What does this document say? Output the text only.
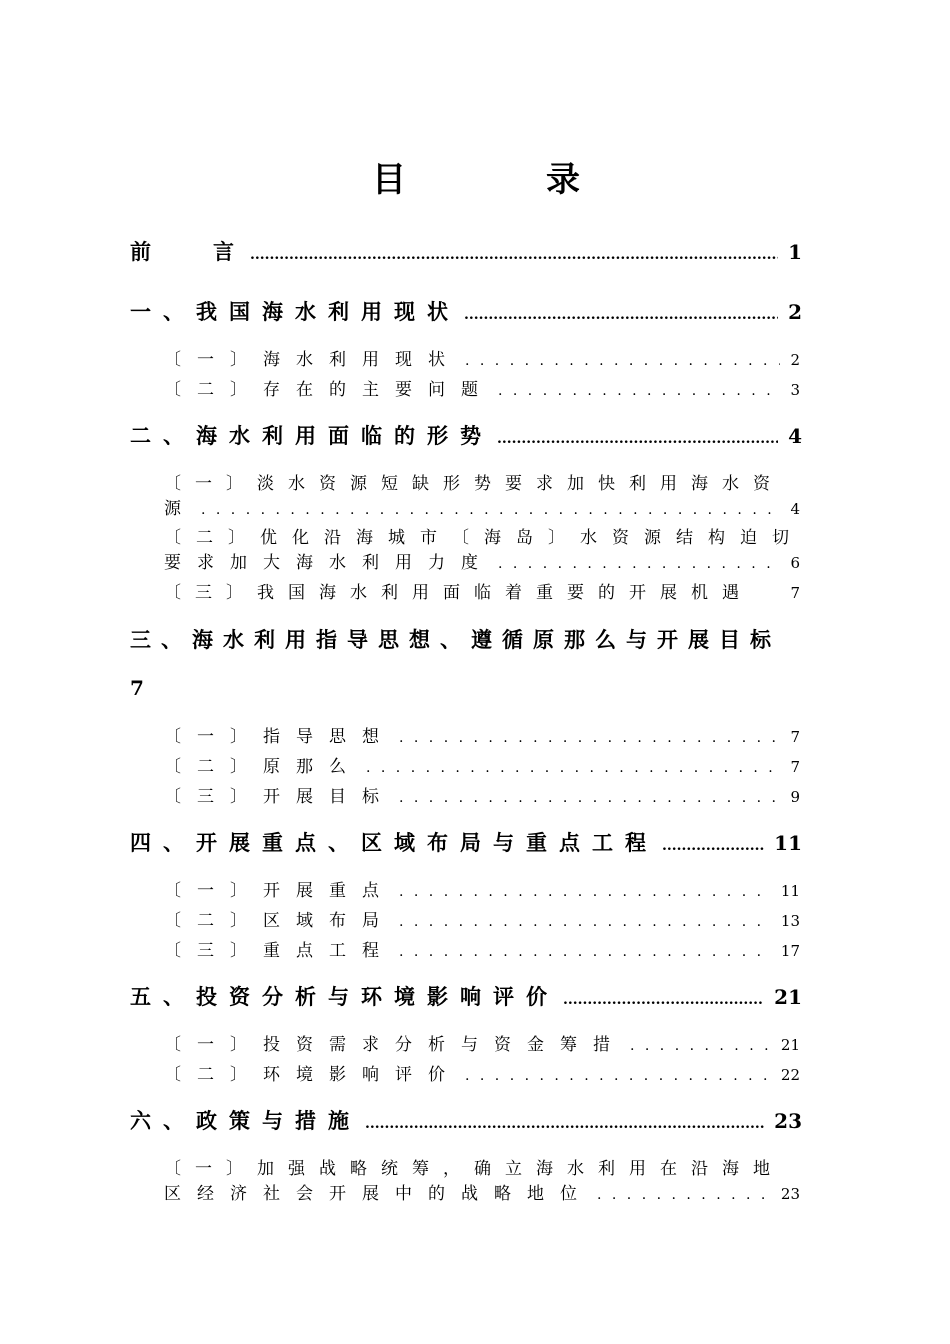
目	录
前 言 .....	1
一、我国海水利用现状 .....	2
〔一〕海水利用现状 . . .	2
〔二〕存在的主要问题 . . .	3
二、海水利用面临的形势 .....	4
〔一〕淡水资源短缺形势要求加快利用海水资
源 . . .	4
〔二〕优化沿海城市〔海岛〕水资源结构迫切
要求加大海水利用力度 . . .	6
〔三〕我国海水利用面临着重要的开展机遇 7
三、海水利用指导思想、遵循原那么与开展目标
7
〔一〕指导思想 . . .	7
〔二〕原那么 . . .	7
〔三〕开展目标 . . .	9
四、开展重点、区域布局与重点工程 .....	11
〔一〕开展重点 . . .	11
〔二〕区域布局 . . .	13
〔三〕重点工程 . . .	17
五、投资分析与环境影响评价 .....	21
〔一〕投资需求分析与资金筹措 . . .	21
〔二〕环境影响评价 . . .	22
六、政策与措施 .....	23
〔一〕加强战略统筹，确立海水利用在沿海地
区经济社会开展中的战略地位 . . .	23
